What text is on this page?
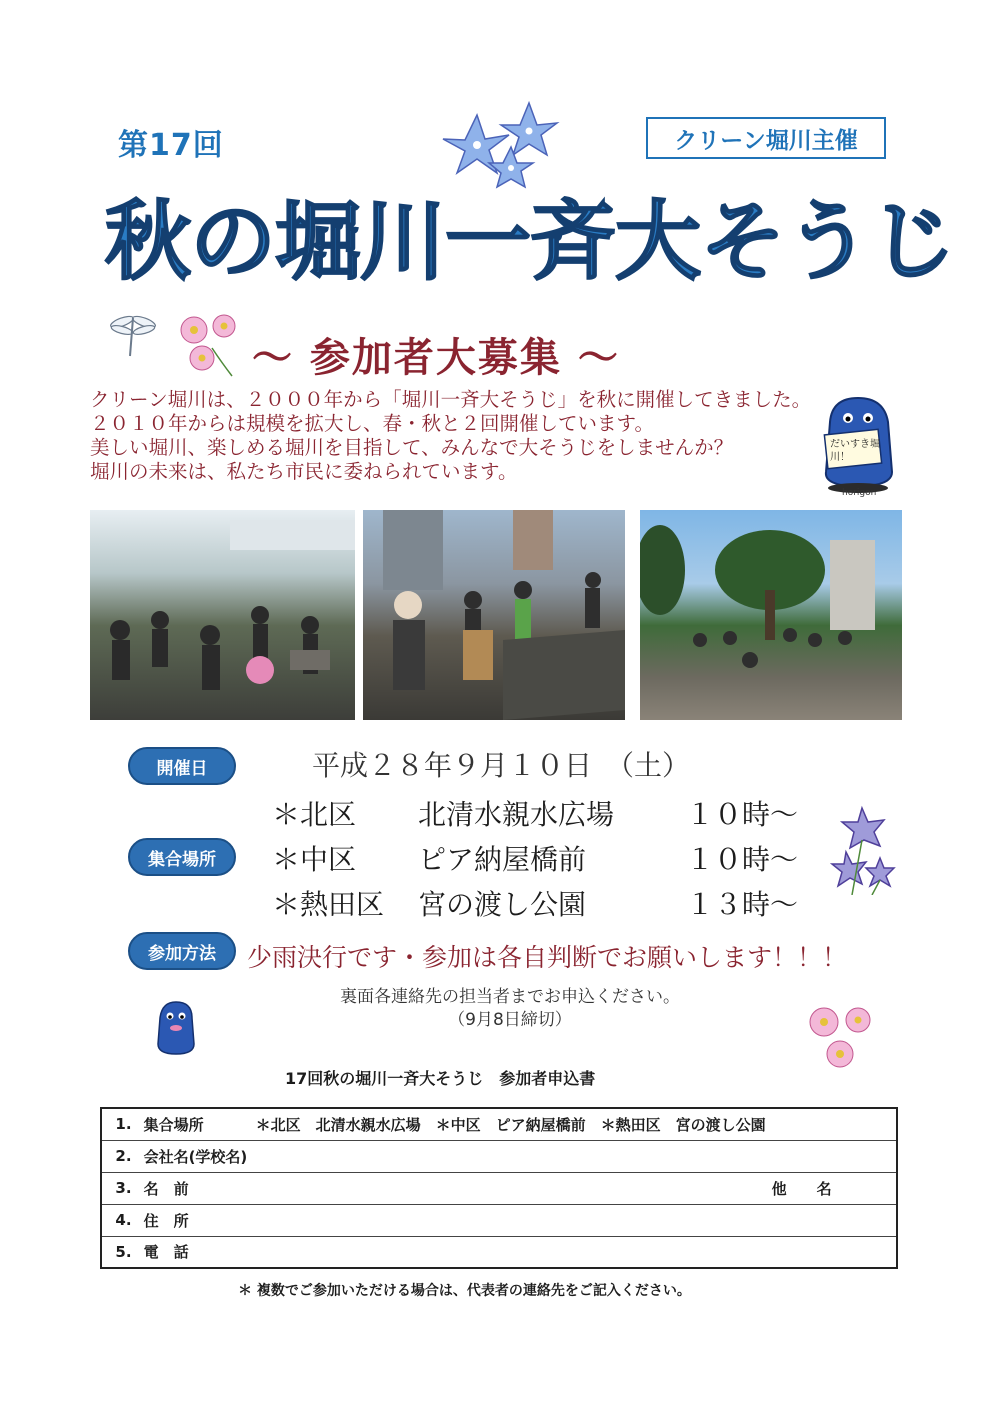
第17回	クリーン堀川主催
秋の堀川一斉大そうじ
～ 参加者大募集 ～
クリーン堀川は、２０００年から「堀川一斉大そうじ」を秋に開催してきました。
２０１０年からは規模を拡大し、春・秋と２回開催しています。
美しい堀川、楽しめる堀川を目指して、みんなで大そうじをしませんか？
堀川の未来は、私たち市民に委ねられています。
だいすき堀川！
horigon
開催日	平成２８年９月１０日　（土）
集合場所
＊北区 北清水親水広場	１０時～
＊中区 ピア納屋橋前	１０時～
＊熱田区 宮の渡し公園	１３時～
参加方法	少雨決行です・参加は各自判断でお願いします！！！
裏面各連絡先の担当者までお申込ください。
（9月8日締切）
17回秋の堀川一斉大そうじ　参加者申込書
1.	集合場所	＊北区　北清水親水広場　＊中区　ピア納屋橋前　＊熱田区　宮の渡し公園	
2.	会社名(学校名)		
3.	名　前		他　　名
4.	住　所		
5.	電　話		
＊ 複数でご参加いただける場合は、代表者の連絡先をご記入ください。
